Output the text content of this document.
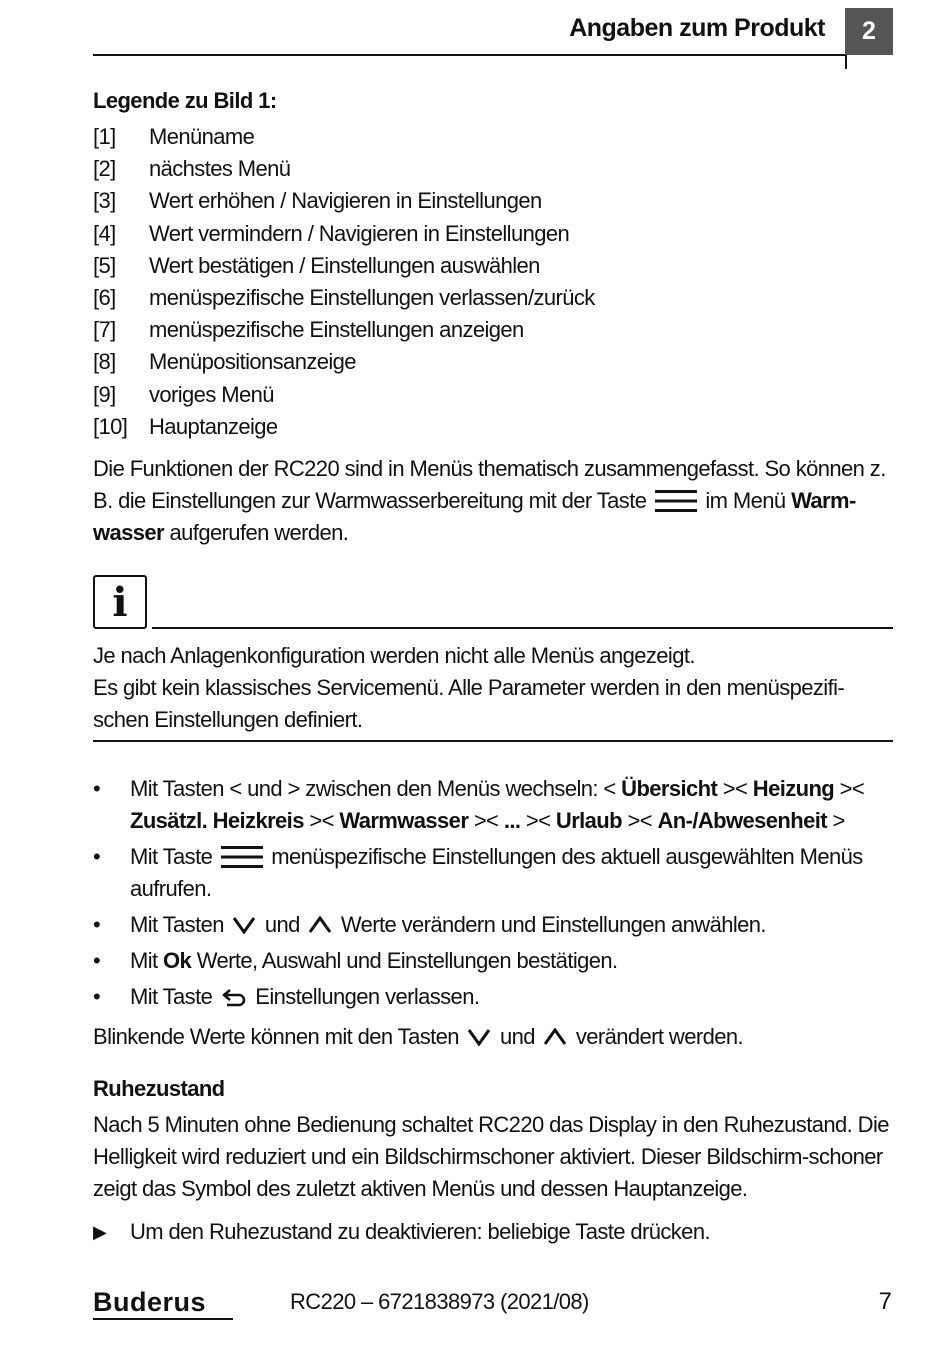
Angaben zum Produkt	2
Legende zu Bild 1:
[1]	Menüname
[2]	nächstes Menü
[3]	Wert erhöhen / Navigieren in Einstellungen
[4]	Wert vermindern / Navigieren in Einstellungen
[5]	Wert bestätigen / Einstellungen auswählen
[6]	menüspezifische Einstellungen verlassen/zurück
[7]	menüspezifische Einstellungen anzeigen
[8]	Menüpositionsanzeige
[9]	voriges Menü
[10] Hauptanzeige
Die Funktionen der RC220 sind in Menüs thematisch zusammengefasst. So können z. B. die Einstellungen zur Warmwasserbereitung mit der Taste	im Menü Warm-wasser aufgerufen werden.
i
Je nach Anlagenkonfiguration werden nicht alle Menüs angezeigt.
Es gibt kein klassisches Servicemenü. Alle Parameter werden in den menüspezifi-schen Einstellungen definiert.
•	Mit Tasten < und > zwischen den Menüs wechseln: < Übersicht >< Heizung >< Zusätzl. Heizkreis >< Warmwasser >< ... >< Urlaub >< An-/Abwesenheit >
•	Mit Taste	menüspezifische Einstellungen des aktuell ausgewählten Menüs aufrufen.
•	Mit Tasten und Werte verändern und Einstellungen anwählen.
•	Mit Ok Werte, Auswahl und Einstellungen bestätigen.
•	Mit Taste Einstellungen verlassen.
Blinkende Werte können mit den Tasten und verändert werden.
Ruhezustand
Nach 5 Minuten ohne Bedienung schaltet RC220 das Display in den Ruhezustand. Die Helligkeit wird reduziert und ein Bildschirmschoner aktiviert. Dieser Bildschirm-schoner zeigt das Symbol des zuletzt aktiven Menüs und dessen Hauptanzeige.
▶	Um den Ruhezustand zu deaktivieren: beliebige Taste drücken.
Buderus	RC220 – 6721838973 (2021/08)	7
